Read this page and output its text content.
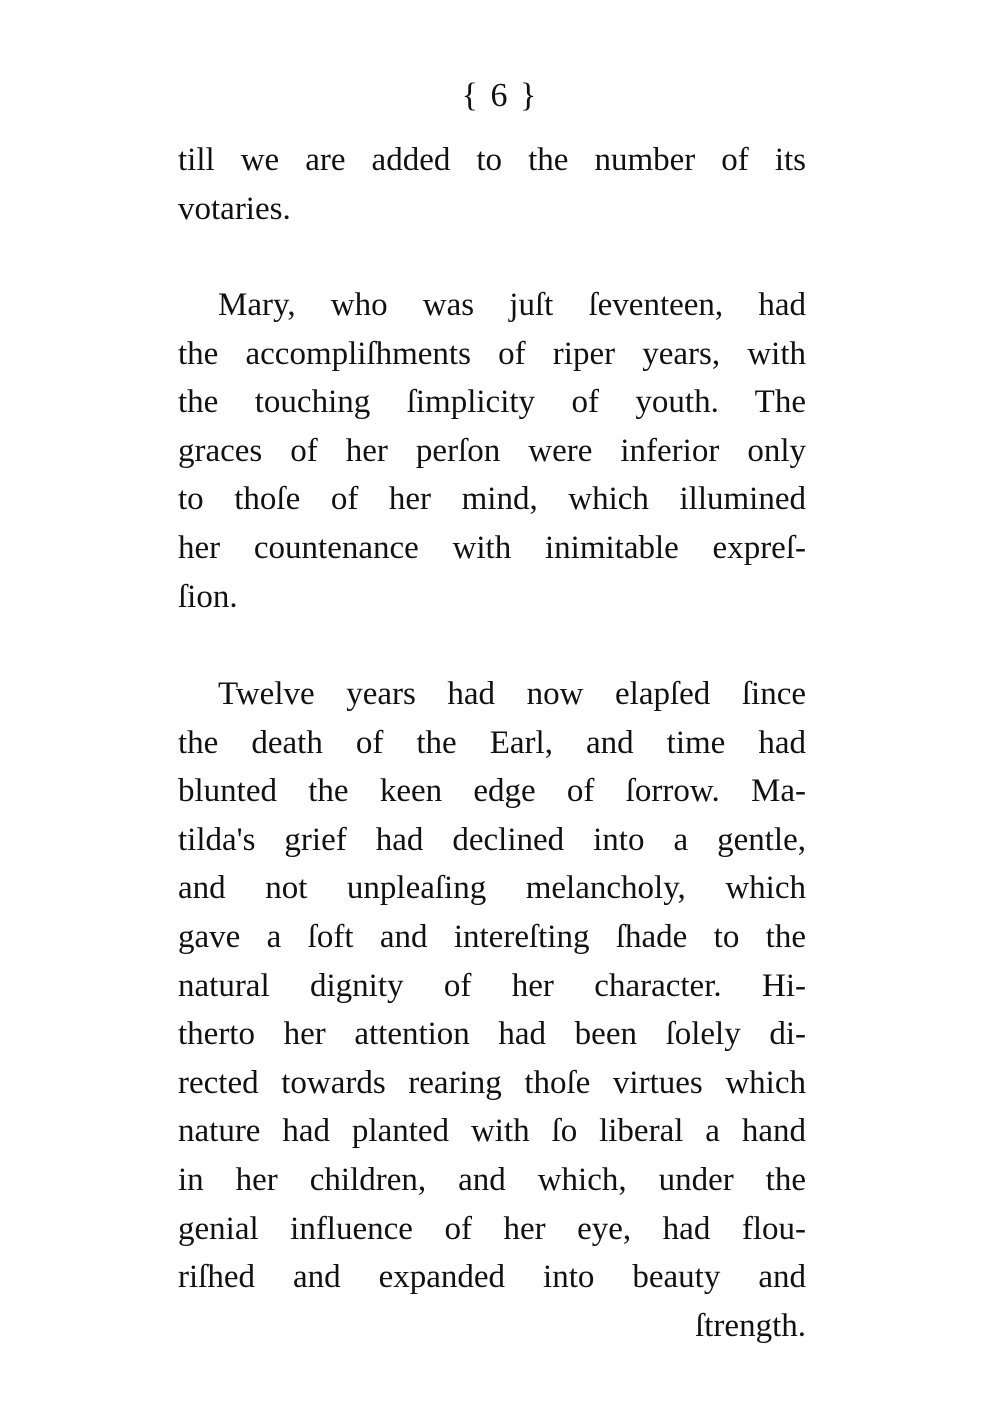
{ 6 }
till we are added to the number of its
votaries.
Mary, who was juſt ſeventeen, had
the accompliſhments of riper years, with
the touching ſimplicity of youth. The
graces of her perſon were inferior only
to thoſe of her mind, which illumined
her countenance with inimitable expreſ-
ſion.
Twelve years had now elapſed ſince
the death of the Earl, and time had
blunted the keen edge of ſorrow. Ma-
tilda's grief had declined into a gentle,
and not unpleaſing melancholy, which
gave a ſoft and intereſting ſhade to the
natural dignity of her character. Hi-
therto her attention had been ſolely di-
rected towards rearing thoſe virtues which
nature had planted with ſo liberal a hand
in her children, and which, under the
genial influence of her eye, had flou-
riſhed and expanded into beauty and
ſtrength.
